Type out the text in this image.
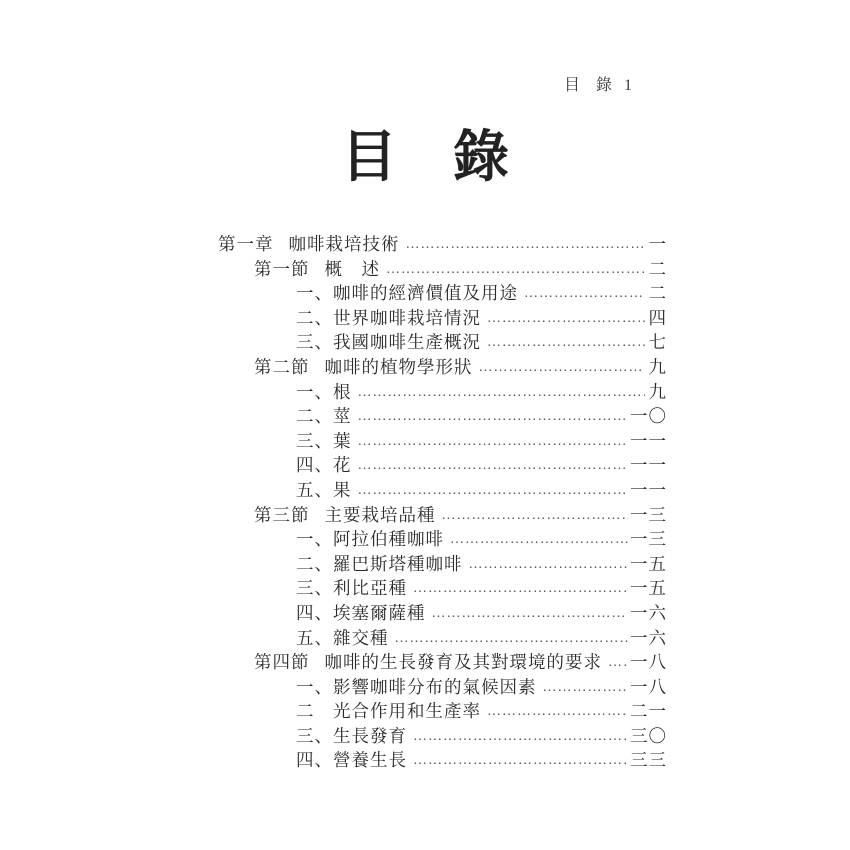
目 錄 1
目　錄
第一章 咖啡栽培技術 ………………………………………………………………………………	一
第一節 概　述 ………………………………………………………………………………	二
一、咖啡的經濟價值及用途 ………………………………………………………………………………	二
二、世界咖啡栽培情況 ………………………………………………………………………………	四
三、我國咖啡生產概況 ………………………………………………………………………………	七
第二節 咖啡的植物學形狀 ………………………………………………………………………………	九
一、根 ………………………………………………………………………………	九
二、莖 ………………………………………………………………………………	一〇
三、葉 ………………………………………………………………………………	一一
四、花 ………………………………………………………………………………	一一
五、果 ………………………………………………………………………………	一一
第三節 主要栽培品種 ………………………………………………………………………………	一三
一、阿拉伯種咖啡 ………………………………………………………………………………	一三
二、羅巴斯塔種咖啡 ………………………………………………………………………………	一五
三、利比亞種 ………………………………………………………………………………	一五
四、埃塞爾薩種 ………………………………………………………………………………	一六
五、雜交種 ………………………………………………………………………………	一六
第四節 咖啡的生長發育及其對環境的要求 ……………………………………………………………………………… 一八
一、影響咖啡分布的氣候因素 ………………………………………………………………………………	一八
二　光合作用和生產率 ………………………………………………………………………………	二一
三、生長發育 ………………………………………………………………………………	三〇
四、營養生長 ………………………………………………………………………………	三三
